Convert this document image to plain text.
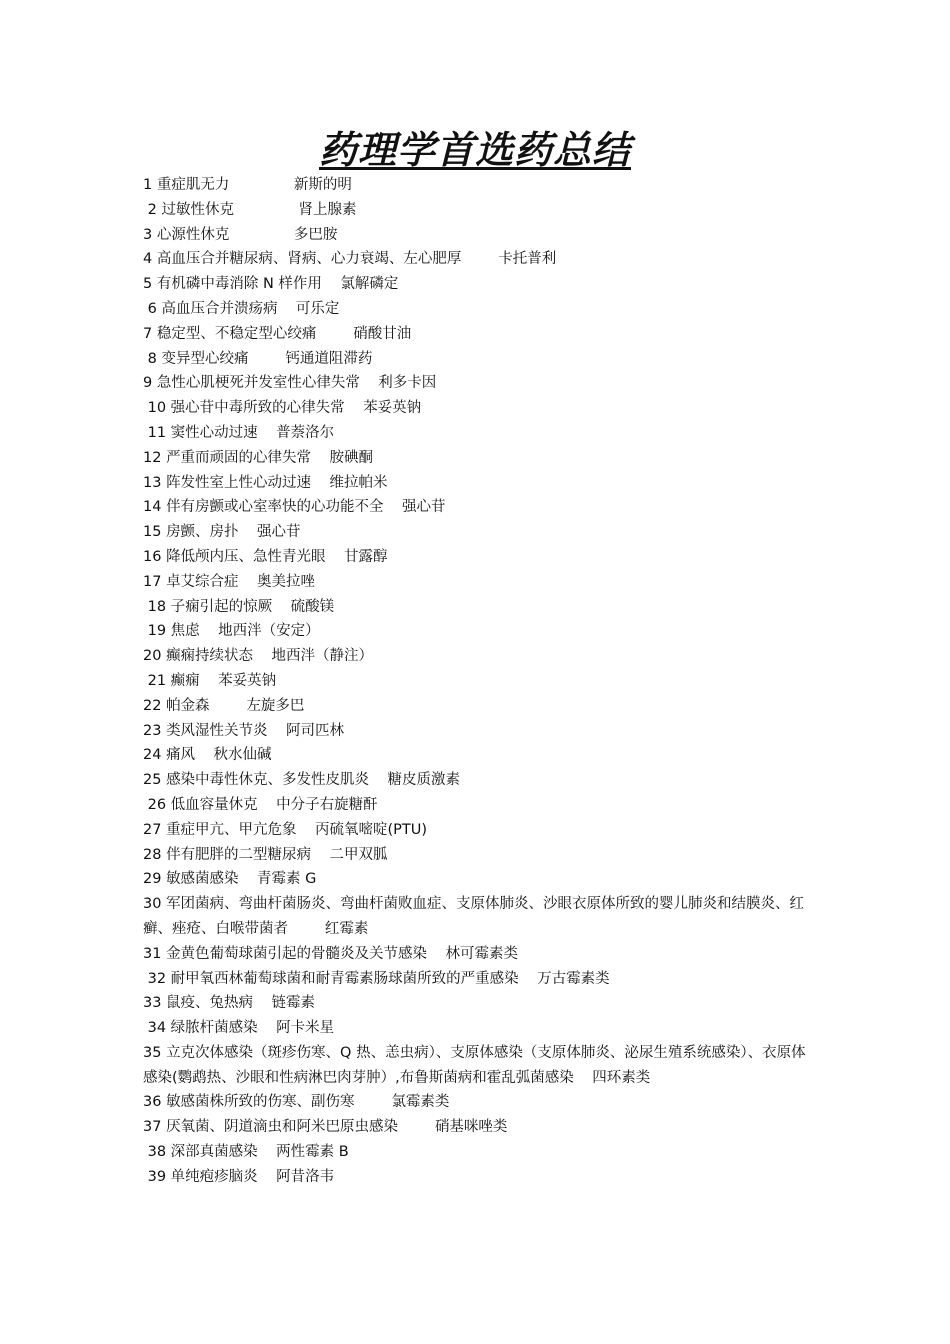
药理学首选药总结
1 重症肌无力	新斯的明
2 过敏性休克	肾上腺素
3 心源性休克	多巴胺
4 高血压合并糖尿病、肾病、心力衰竭、左心肥厚	卡托普利
5 有机磷中毒消除 N 样作用 氯解磷定
6 高血压合并溃疡病 可乐定
7 稳定型、不稳定型心绞痛	硝酸甘油
8 变异型心绞痛	钙通道阻滞药
9 急性心肌梗死并发室性心律失常 利多卡因
10 强心苷中毒所致的心律失常 苯妥英钠
11 窦性心动过速 普萘洛尔
12 严重而顽固的心律失常 胺碘酮
13 阵发性室上性心动过速 维拉帕米
14 伴有房颤或心室率快的心功能不全 强心苷
15 房颤、房扑 强心苷
16 降低颅内压、急性青光眼 甘露醇
17 卓艾综合症 奥美拉唑
18 子痫引起的惊厥 硫酸镁
19 焦虑 地西泮（安定）
20 癫痫持续状态 地西泮（静注）
21 癫痫 苯妥英钠
22 帕金森	左旋多巴
23 类风湿性关节炎 阿司匹林
24 痛风 秋水仙碱
25 感染中毒性休克、多发性皮肌炎 糖皮质激素
26 低血容量休克 中分子右旋糖酐
27 重症甲亢、甲亢危象 丙硫氧嘧啶(PTU)
28 伴有肥胖的二型糖尿病 二甲双胍
29 敏感菌感染 青霉素 G
30 军团菌病、弯曲杆菌肠炎、弯曲杆菌败血症、支原体肺炎、沙眼衣原体所致的婴儿肺炎和结膜炎、红癣、痤疮、白喉带菌者	红霉素
31 金黄色葡萄球菌引起的骨髓炎及关节感染 林可霉素类
32 耐甲氧西林葡萄球菌和耐青霉素肠球菌所致的严重感染 万古霉素类
33 鼠疫、兔热病 链霉素
34 绿脓杆菌感染 阿卡米星
35 立克次体感染（斑疹伤寒、Q 热、恙虫病）、支原体感染（支原体肺炎、泌尿生殖系统感染）、衣原体感染(鹦鹉热、沙眼和性病淋巴肉芽肿）,布鲁斯菌病和霍乱弧菌感染 四环素类
36 敏感菌株所致的伤寒、副伤寒	氯霉素类
37 厌氧菌、阴道滴虫和阿米巴原虫感染	硝基咪唑类
38 深部真菌感染 两性霉素 B
39 单纯疱疹脑炎 阿昔洛韦
